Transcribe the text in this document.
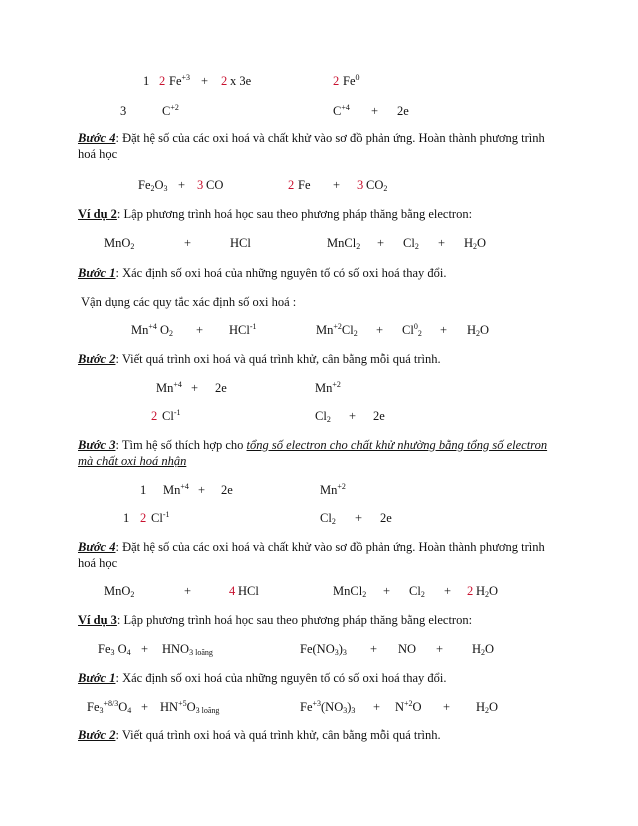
1 2 $Fe^{+3} + 2$ x 3e	2 Fe$^0$
3	$C^{+2}$	$C^{+4} + 2e$
Bước 4: Đặt hệ số của các oxi hoá và chất khử vào sơ đồ phản ứng. Hoàn thành phương trình hoá học
$Fe_2O_3 + 3$ CO	2 Fe + 3 $CO_2$
Ví dụ 2: Lập phương trình hoá học sau theo phương pháp thăng bằng electron:
MnO$_2$	+	HCl	MnCl$_2$ + $Cl_2 + H_2O$
Bước 1: Xác định số oxi hoá của những nguyên tố có số oxi hoá thay đổi.
Vận dụng các quy tắc xác định số oxi hoá :
$Mn^{+4}$ $O_2 + HCl^{-1}$	$Mn^{+2}Cl_2 + Cl^0_2 + H_2O$
Bước 2: Viết quá trình oxi hoá và quá trình khử, cân bằng mỗi quá trình.
$Mn^{+4} + 2e$	$Mn^{+2}$
2 $Cl^{-1}$	$Cl_2 + 2e$
Bước 3: Tìm hệ số thích hợp cho tổng số electron cho chất khử nhường bằng tổng số electron mà chất oxi hoá nhận
1 $Mn^{+4} + 2e$	$Mn^{+2}$
1 2 $Cl^{-1}$	$Cl_2 + 2e$
Bước 4: Đặt hệ số của các oxi hoá và chất khử vào sơ đồ phản ứng. Hoàn thành phương trình hoá học
MnO$_2$	+	4 HCl	MnCl$_2$ + $Cl_2 + 2$ $H_2O$
Ví dụ 3: Lập phương trình hoá học sau theo phương pháp thăng bằng electron:
$Fe_3$ $O_4 + HNO_{3 loãng}$	$Fe(NO_3)_3$ + NO + $H_2O$
Bước 1: Xác định số oxi hoá của những nguyên tố có số oxi hoá thay đổi.
$Fe_3^{+8/3}O_4 + HN^{+5}O_{3 loãng}$	$Fe^{+3}(NO_3)_3 + N^{+2}O + H_2O$
Bước 2: Viết quá trình oxi hoá và quá trình khử, cân bằng mỗi quá trình.
